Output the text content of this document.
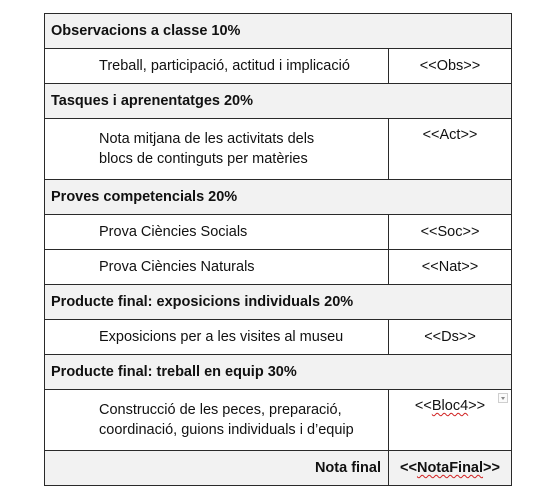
Observacions a classe 10%	

Treball, participació, actitud i implicació	<<Obs>>
Tasques i aprenentatges 20%	

Nota mitjana de les activitats dels
blocs de continguts per matèries	<<Act>>
Proves competencials 20%	

Prova Ciències Socials	<<Soc>>

Prova Ciències Naturals	<<Nat>>
Producte final: exposicions individuals 20%	

Exposicions per a les visites al museu	<<Ds>>
Producte final: treball en equip 30%	

Construcció de les peces, preparació,
coordinació, guions individuals i d’equip	<<Bloc4>>

Nota final	<<NotaFinal>>
